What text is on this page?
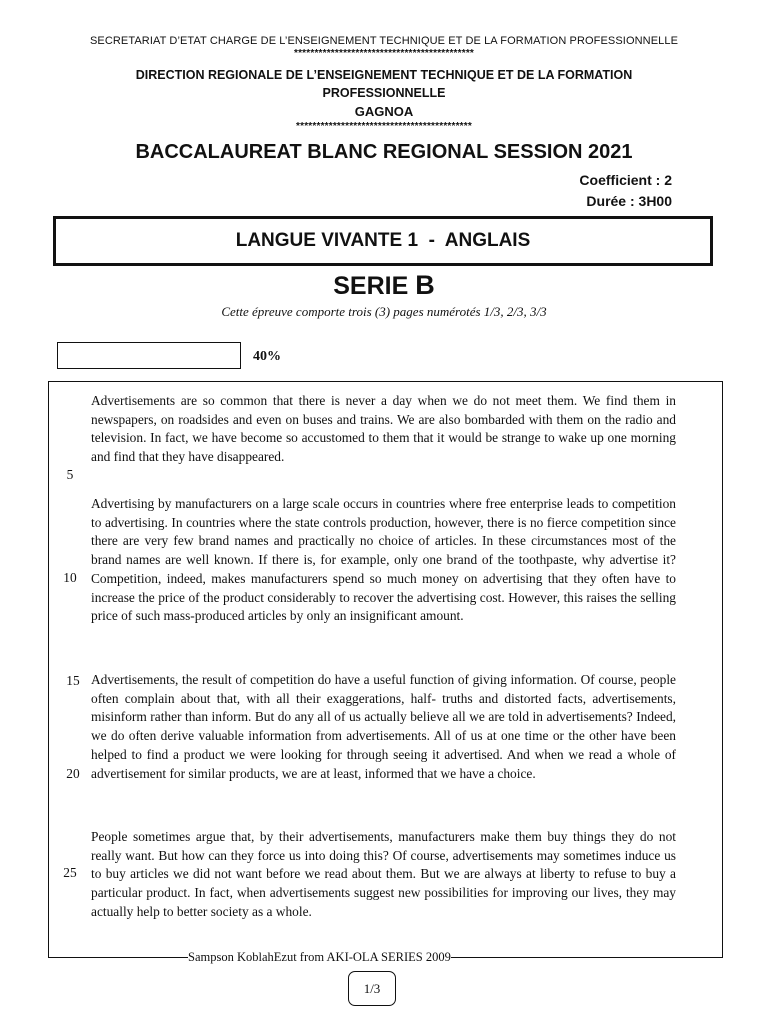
SECRETARIAT D’ETAT CHARGE DE L’ENSEIGNEMENT TECHNIQUE ET DE LA FORMATION PROFESSIONNELLE
********************************************
DIRECTION REGIONALE DE L’ENSEIGNEMENT TECHNIQUE ET DE LA FORMATION
PROFESSIONNELLE
GAGNOA
*******************************************
BACCALAUREAT BLANC REGIONAL SESSION 2021
Coefficient : 2
Durée : 3H00
LANGUE VIVANTE 1  -  ANGLAIS
SERIE B
Cette épreuve comporte trois (3) pages numérotés 1/3, 2/3, 3/3
40%

Advertisements are so common that there is never a day when we do not meet them. We find them in newspapers, on roadsides and even on buses and trains. We are also bombarded with them on the radio and television. In fact, we have become so accustomed to them that it would be strange to wake up one morning and find that they have disappeared.

Advertising by manufacturers on a large scale occurs in countries where free enterprise leads to competition to advertising. In countries where the state controls production, however, there is no fierce competition since there are very few brand names and practically no choice of articles. In these circumstances most of the brand names are well known. If there is, for example, only one brand of the toothpaste, why advertise it? Competition, indeed, makes manufacturers spend so much money on advertising that they often have to increase the price of the product considerably to recover the advertising cost. However, this raises the selling price of such mass-produced articles by only an insignificant amount.

Advertisements, the result of competition do have a useful function of giving information. Of course, people often complain about that, with all their exaggerations, half- truths and distorted facts, advertisements, misinform rather than inform. But do any all of us actually believe all we are told in advertisements? Indeed, we do often derive valuable information from advertisements. All of us at one time or the other have been helped to find a product we were looking for through seeing it advertised. And when we read a whole of advertisement for similar products, we are at least, informed that we have a choice.

People sometimes argue that, by their advertisements, manufacturers make them buy things they do not really want. But how can they force us into doing this? Of course, advertisements may sometimes induce us to buy articles we did not want before we read about them. But we are always at liberty to refuse to buy a particular product. In fact, when advertisements suggest new possibilities for improving our lives, they may actually help to better society as a whole.

5
10
15
20
25
Sampson KoblahEzut from AKI-OLA SERIES 2009
1/3
